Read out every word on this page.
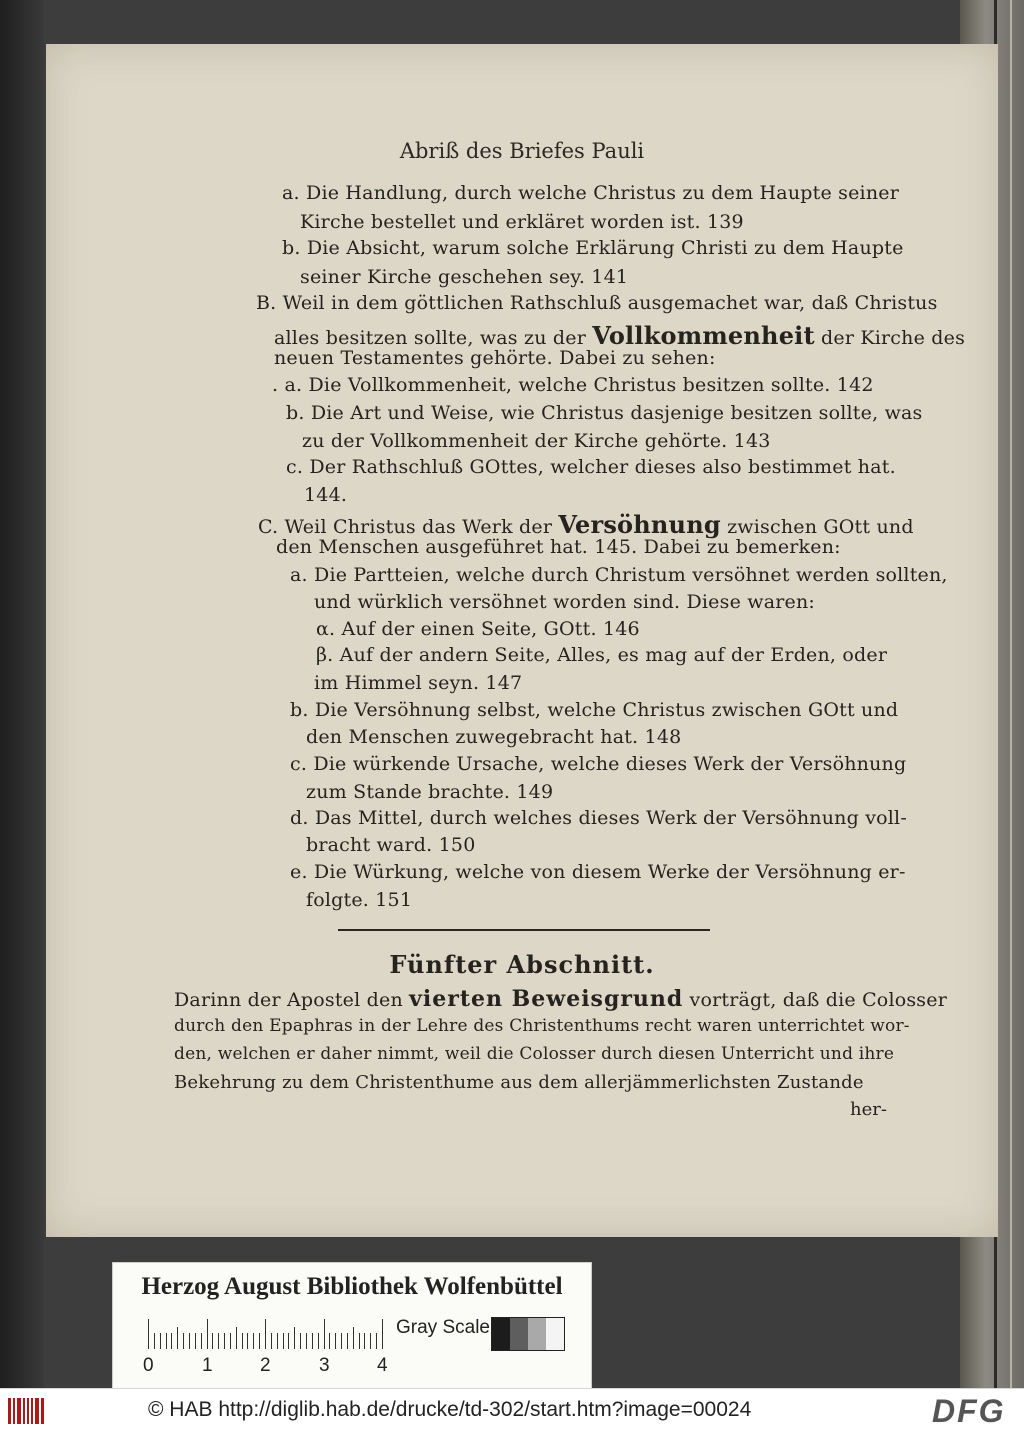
Abriß des Briefes Pauli
a. Die Handlung, durch welche Christus zu dem Haupte seiner
Kirche bestellet und erkläret worden ist. 139
b. Die Absicht, warum solche Erklärung Christi zu dem Haupte
seiner Kirche geschehen sey. 141
B. Weil in dem göttlichen Rathschluß ausgemachet war, daß Christus
alles besitzen sollte, was zu der Vollkommenheit der Kirche des
neuen Testamentes gehörte. Dabei zu sehen:
. a. Die Vollkommenheit, welche Christus besitzen sollte. 142
b. Die Art und Weise, wie Christus dasjenige besitzen sollte, was
zu der Vollkommenheit der Kirche gehörte. 143
c. Der Rathschluß GOttes, welcher dieses also bestimmet hat.
144.
C. Weil Christus das Werk der Versöhnung zwischen GOtt und
den Menschen ausgeführet hat. 145. Dabei zu bemerken:
a. Die Partteien, welche durch Christum versöhnet werden sollten,
und würklich versöhnet worden sind. Diese waren:
α. Auf der einen Seite, GOtt. 146
β. Auf der andern Seite, Alles, es mag auf der Erden, oder
im Himmel seyn. 147
b. Die Versöhnung selbst, welche Christus zwischen GOtt und
den Menschen zuwegebracht hat. 148
c. Die würkende Ursache, welche dieses Werk der Versöhnung
zum Stande brachte. 149
d. Das Mittel, durch welches dieses Werk der Versöhnung voll-
bracht ward. 150
e. Die Würkung, welche von diesem Werke der Versöhnung er-
folgte. 151
Fünfter Abschnitt.
Darinn der Apostel den vierten Beweisgrund vorträgt, daß die Colosser
durch den Epaphras in der Lehre des Christenthums recht waren unterrichtet wor-
den, welchen er daher nimmt, weil die Colosser durch diesen Unterricht und ihre
Bekehrung zu dem Christenthume aus dem allerjämmerlichsten Zustande
her-
Herzog August Bibliothek Wolfenbüttel
0	1 2	3 4
Gray Scale
© HAB http://diglib.hab.de/drucke/td-302/start.htm?image=00024	DFG
